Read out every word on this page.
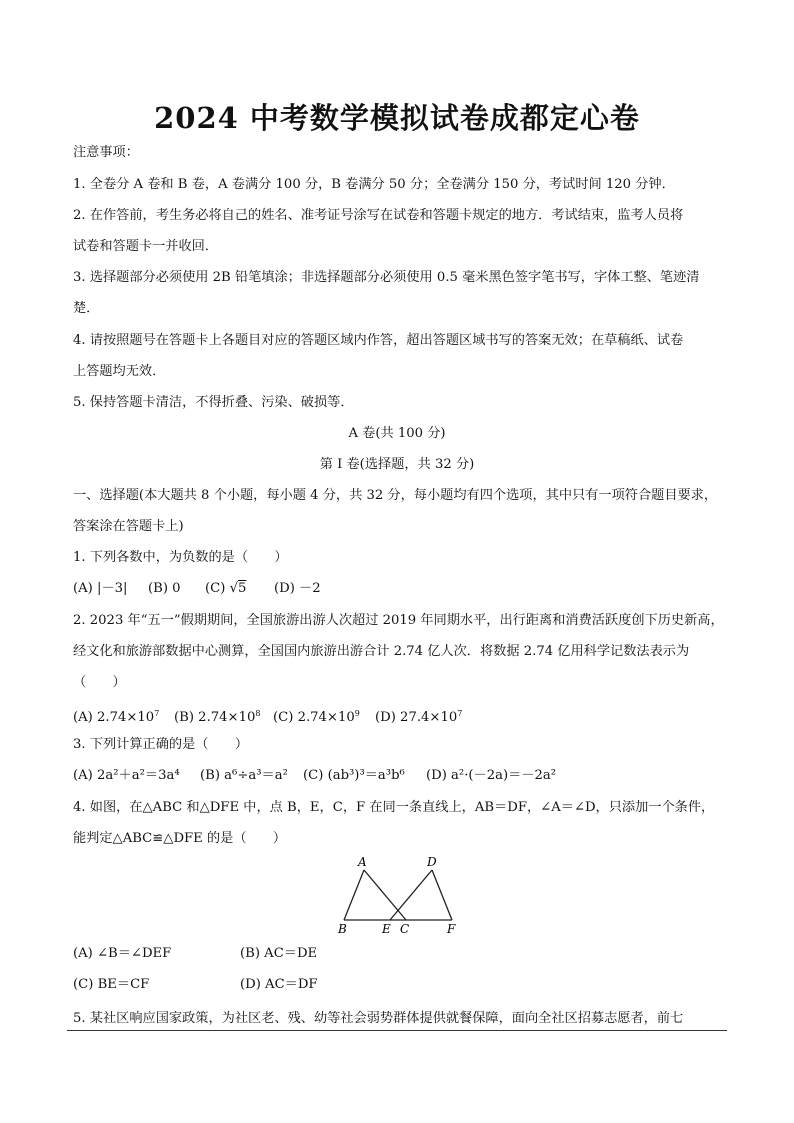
2024 中考数学模拟试卷成都定心卷
注意事项：
1. 全卷分 A 卷和 B 卷，A 卷满分 100 分，B 卷满分 50 分；全卷满分 150 分，考试时间 120 分钟．
2. 在作答前，考生务必将自己的姓名、准考证号涂写在试卷和答题卡规定的地方．考试结束，监考人员将
试卷和答题卡一并收回．
3. 选择题部分必须使用 2B 铅笔填涂；非选择题部分必须使用 0.5 毫米黑色签字笔书写，字体工整、笔迹清
楚．
4. 请按照题号在答题卡上各题目对应的答题区域内作答，超出答题区域书写的答案无效；在草稿纸、试卷
上答题均无效．
5. 保持答题卡清洁，不得折叠、污染、破损等．
A 卷(共 100 分)
第 I 卷(选择题，共 32 分)
一、选择题(本大题共 8 个小题，每小题 4 分，共 32 分，每小题均有四个选项，其中只有一项符合题目要求，
答案涂在答题卡上)
1. 下列各数中，为负数的是（　　）
(A) |－3| (B) 0 (C) √5 (D) －2
2. 2023 年“五一”假期期间，全国旅游出游人次超过 2019 年同期水平，出行距离和消费活跃度创下历史新高，
经文化和旅游部数据中心测算，全国国内旅游出游合计 2.74 亿人次．将数据 2.74 亿用科学记数法表示为
（　　）
(A) $2.74\times 10^7$ (B) $2.74\times 10^8$ (C) $2.74\times 10^9$ (D) $27.4\times 10^7$
3. 下列计算正确的是（　　）
(A) 2a²＋a²＝3a⁴ (B) a⁶÷a³＝a² (C) (ab³)³＝a³b⁶ (D) a²·(－2a)＝－2a²
4. 如图，在△ABC 和△DFE 中，点 B，E，C，F 在同一条直线上，AB＝DF，∠A＝∠D，只添加一个条件，
能判定△ABC≌△DFE 的是（　　）
A	D
B	E C	F
(A) ∠B＝∠DEF	(B) AC＝DE
(C) BE＝CF	(D) AC＝DF
5. 某社区响应国家政策，为社区老、残、幼等社会弱势群体提供就餐保障，面向全社区招募志愿者，前七
